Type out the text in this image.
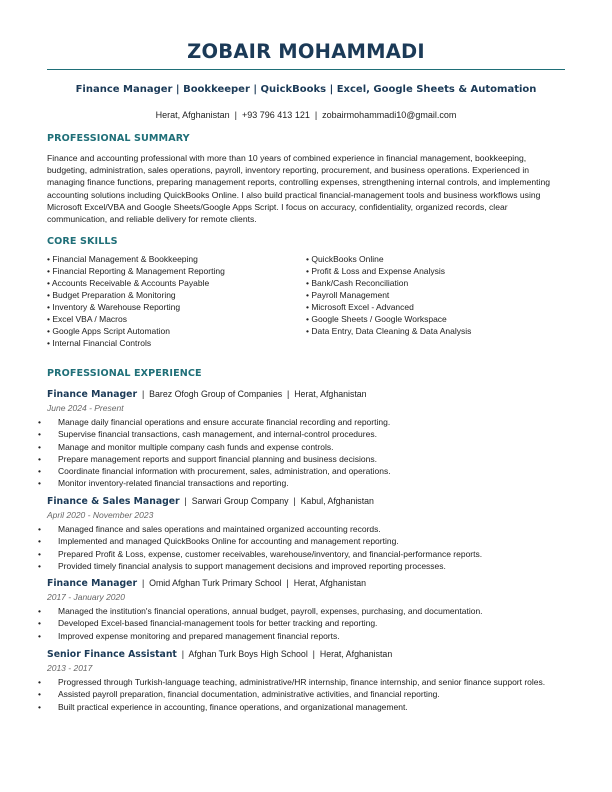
ZOBAIR MOHAMMADI
Finance Manager | Bookkeeper | QuickBooks | Excel, Google Sheets & Automation
Herat, Afghanistan  |  +93 796 413 121  |  zobairmohammadi10@gmail.com
PROFESSIONAL SUMMARY
Finance and accounting professional with more than 10 years of combined experience in financial management, bookkeeping, budgeting, administration, sales operations, payroll, inventory reporting, procurement, and business operations. Experienced in managing finance functions, preparing management reports, controlling expenses, strengthening internal controls, and implementing accounting solutions including QuickBooks Online. I also build practical financial-management tools and business workflows using Microsoft Excel/VBA and Google Sheets/Google Apps Script. I focus on accuracy, confidentiality, organized records, clear communication, and reliable delivery for remote clients.
CORE SKILLS
• Financial Management & Bookkeeping
• Financial Reporting & Management Reporting
• Accounts Receivable & Accounts Payable
• Budget Preparation & Monitoring
• Inventory & Warehouse Reporting
• Excel VBA / Macros
• Google Apps Script Automation
• Internal Financial Controls
• QuickBooks Online
• Profit & Loss and Expense Analysis
• Bank/Cash Reconciliation
• Payroll Management
• Microsoft Excel - Advanced
• Google Sheets / Google Workspace
• Data Entry, Data Cleaning & Data Analysis
PROFESSIONAL EXPERIENCE
Finance Manager  |  Barez Ofogh Group of Companies  |  Herat, Afghanistan
June 2024 - Present
• Manage daily financial operations and ensure accurate financial recording and reporting.
• Supervise financial transactions, cash management, and internal-control procedures.
• Manage and monitor multiple company cash funds and expense controls.
• Prepare management reports and support financial planning and business decisions.
• Coordinate financial information with procurement, sales, administration, and operations.
• Monitor inventory-related financial transactions and reporting.
Finance & Sales Manager  |  Sarwari Group Company  |  Kabul, Afghanistan
April 2020 - November 2023
• Managed finance and sales operations and maintained organized accounting records.
• Implemented and managed QuickBooks Online for accounting and management reporting.
• Prepared Profit & Loss, expense, customer receivables, warehouse/inventory, and financial-performance reports.
• Provided timely financial analysis to support management decisions and improved reporting processes.
Finance Manager  |  Omid Afghan Turk Primary School  |  Herat, Afghanistan
2017 - January 2020
• Managed the institution's financial operations, annual budget, payroll, expenses, purchasing, and documentation.
• Developed Excel-based financial-management tools for better tracking and reporting.
• Improved expense monitoring and prepared management financial reports.
Senior Finance Assistant  |  Afghan Turk Boys High School  |  Herat, Afghanistan
2013 - 2017
• Progressed through Turkish-language teaching, administrative/HR internship, finance internship, and senior finance support roles.
• Assisted payroll preparation, financial documentation, administrative activities, and financial reporting.
• Built practical experience in accounting, finance operations, and organizational management.
